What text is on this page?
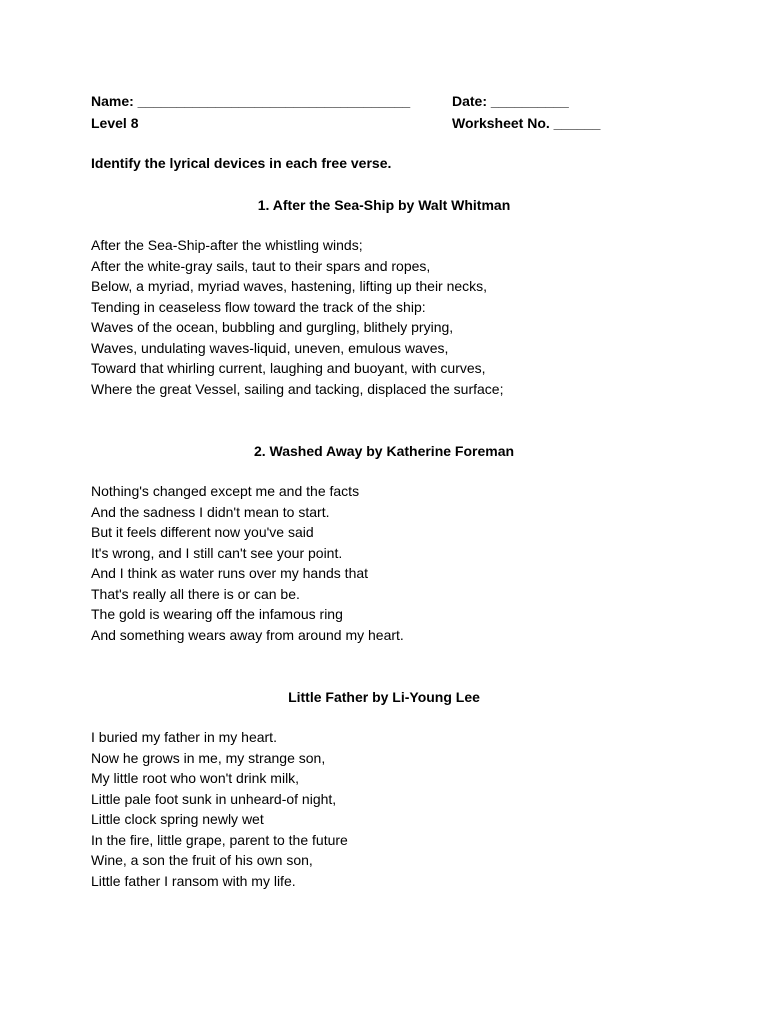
Name: ___________________________________

	Date: __________

Level 8

	Worksheet No. ______

Identify the lyrical devices in each free verse.
1. After the Sea-Ship by Walt Whitman
After the Sea-Ship-after the whistling winds;
After the white-gray sails, taut to their spars and ropes,
Below, a myriad, myriad waves, hastening, lifting up their necks,
Tending in ceaseless flow toward the track of the ship:
Waves of the ocean, bubbling and gurgling, blithely prying,
Waves, undulating waves-liquid, uneven, emulous waves,
Toward that whirling current, laughing and buoyant, with curves,
Where the great Vessel, sailing and tacking, displaced the surface;
2. Washed Away by Katherine Foreman
Nothing's changed except me and the facts
And the sadness I didn't mean to start.
But it feels different now you've said
It's wrong, and I still can't see your point.
And I think as water runs over my hands that
That's really all there is or can be.
The gold is wearing off the infamous ring
And something wears away from around my heart.
Little Father by Li-Young Lee
I buried my father in my heart.
Now he grows in me, my strange son,
My little root who won't drink milk,
Little pale foot sunk in unheard-of night,
Little clock spring newly wet
In the fire, little grape, parent to the future
Wine, a son the fruit of his own son,
Little father I ransom with my life.
